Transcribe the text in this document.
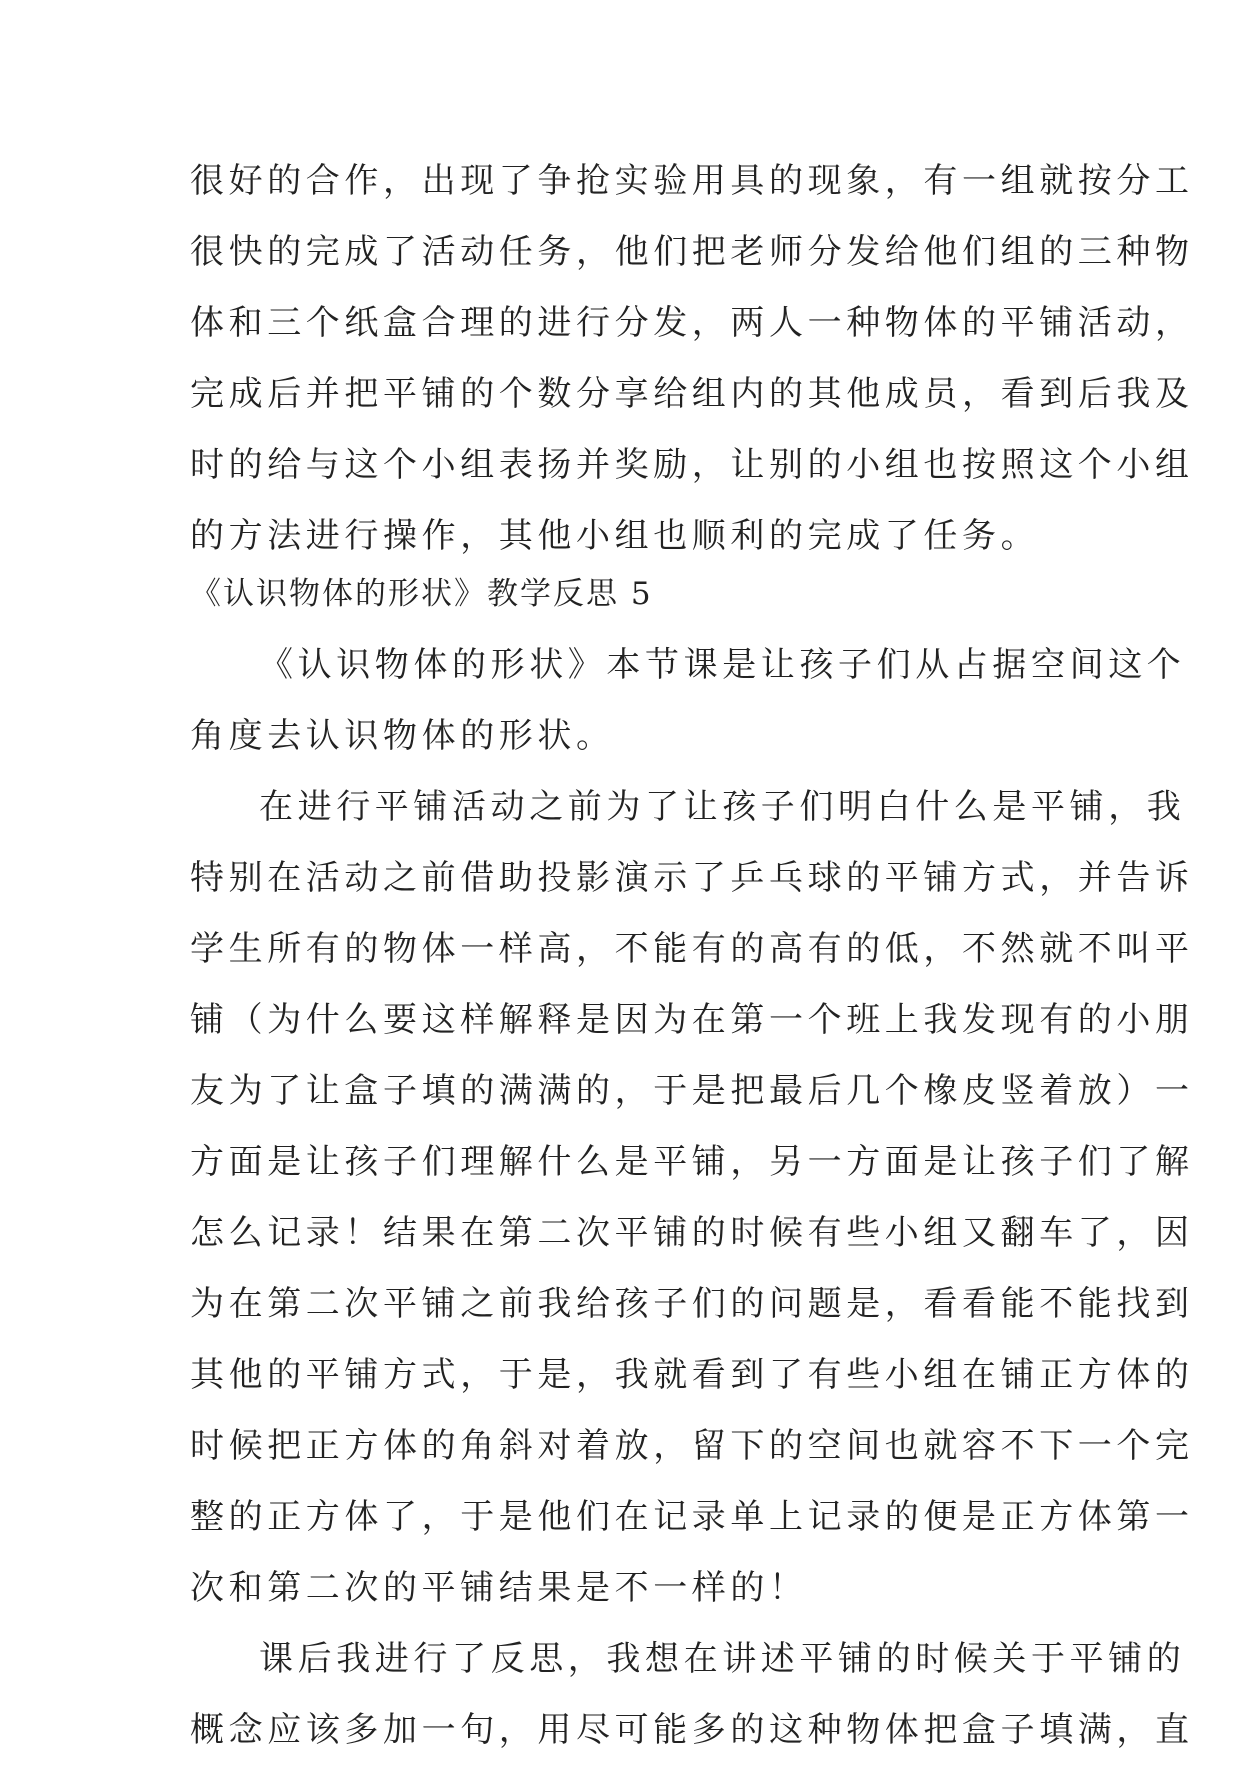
很好的合作，出现了争抢实验用具的现象，有一组就按分工
很快的完成了活动任务，他们把老师分发给他们组的三种物
体和三个纸盒合理的进行分发，两人一种物体的平铺活动，
完成后并把平铺的个数分享给组内的其他成员，看到后我及
时的给与这个小组表扬并奖励，让别的小组也按照这个小组
的方法进行操作，其他小组也顺利的完成了任务。
《认识物体的形状》教学反思 5
《认识物体的形状》本节课是让孩子们从占据空间这个
角度去认识物体的形状。
在进行平铺活动之前为了让孩子们明白什么是平铺，我
特别在活动之前借助投影演示了乒乓球的平铺方式，并告诉
学生所有的物体一样高，不能有的高有的低，不然就不叫平
铺（为什么要这样解释是因为在第一个班上我发现有的小朋
友为了让盒子填的满满的，于是把最后几个橡皮竖着放）一
方面是让孩子们理解什么是平铺，另一方面是让孩子们了解
怎么记录！结果在第二次平铺的时候有些小组又翻车了，因
为在第二次平铺之前我给孩子们的问题是，看看能不能找到
其他的平铺方式，于是，我就看到了有些小组在铺正方体的
时候把正方体的角斜对着放，留下的空间也就容不下一个完
整的正方体了，于是他们在记录单上记录的便是正方体第一
次和第二次的平铺结果是不一样的！
课后我进行了反思，我想在讲述平铺的时候关于平铺的
概念应该多加一句，用尽可能多的这种物体把盒子填满，直
